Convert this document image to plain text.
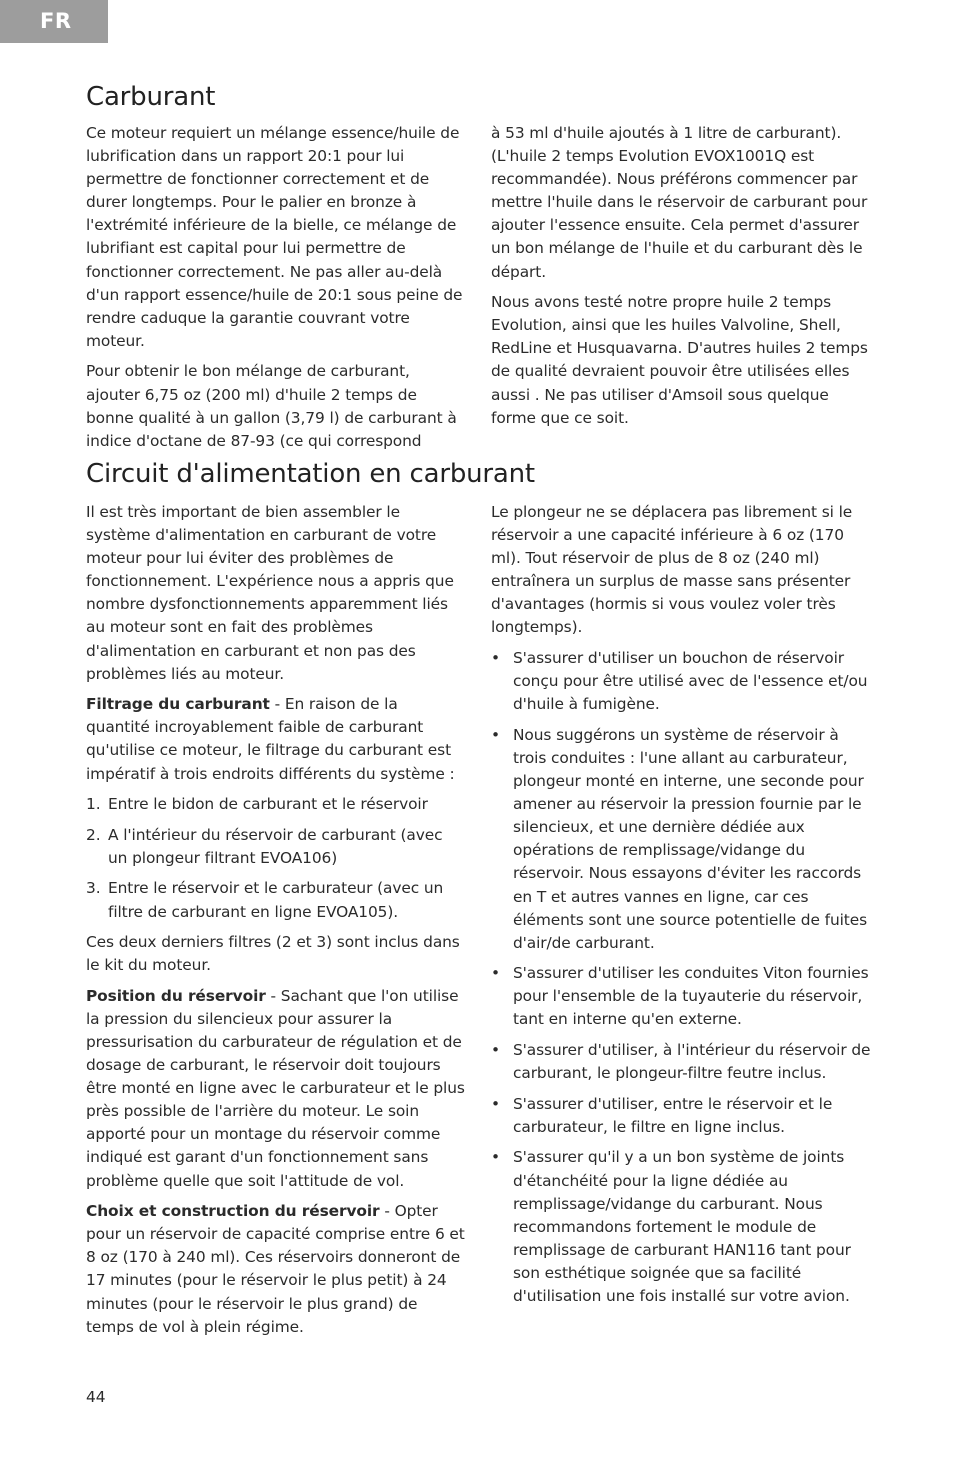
FR
Carburant

Ce moteur requiert un mélange essence/huile de lubrification dans un rapport 20:1 pour lui permettre de fonctionner correctement et de durer longtemps. Pour le palier en bronze à l'extrémité inférieure de la bielle, ce mélange de lubrifiant est capital pour lui permettre de fonctionner correctement. Ne pas aller au-delà d'un rapport essence/huile de 20:1 sous peine de rendre caduque la garantie couvrant votre moteur.

Pour obtenir le bon mélange de carburant, ajouter 6,75 oz (200 ml) d'huile 2 temps de bonne qualité à un gallon (3,79 l) de carburant à indice d'octane de 87-93 (ce qui correspond

à 53 ml d'huile ajoutés à 1 litre de carburant). (L'huile 2 temps Evolution EVOX1001Q est recommandée). Nous préférons commencer par mettre l'huile dans le réservoir de carburant pour ajouter l'essence ensuite. Cela permet d'assurer un bon mélange de l'huile et du carburant dès le départ.

Nous avons testé notre propre huile 2 temps Evolution, ainsi que les huiles Valvoline, Shell, RedLine et Husquavarna. D'autres huiles 2 temps de qualité devraient pouvoir être utilisées elles aussi . Ne pas utiliser d'Amsoil sous quelque forme que ce soit.

Circuit d'alimentation en carburant

Il est très important de bien assembler le système d'alimentation en carburant de votre moteur pour lui éviter des problèmes de fonctionnement. L'expérience nous a appris que nombre dysfonctionnements apparemment liés au moteur sont en fait des problèmes d'alimentation en carburant et non pas des problèmes liés au moteur.

Filtrage du carburant - En raison de la quantité incroyablement faible de carburant qu'utilise ce moteur, le filtrage du carburant est impératif à trois endroits différents du système :

1. Entre le bidon de carburant et le réservoir
2. A l'intérieur du réservoir de carburant (avec un plongeur filtrant EVOA106)
3. Entre le réservoir et le carburateur (avec un filtre de carburant en ligne EVOA105).

Ces deux derniers filtres (2 et 3) sont inclus dans le kit du moteur.

Position du réservoir - Sachant que l'on utilise la pression du silencieux pour assurer la pressurisation du carburateur de régulation et de dosage de carburant, le réservoir doit toujours être monté en ligne avec le carburateur et le plus près possible de l'arrière du moteur. Le soin apporté pour un montage du réservoir comme indiqué est garant d'un fonctionnement sans problème quelle que soit l'attitude de vol.

Choix et construction du réservoir - Opter pour un réservoir de capacité comprise entre 6 et 8 oz (170 à 240 ml). Ces réservoirs donneront de 17 minutes (pour le réservoir le plus petit) à 24 minutes (pour le réservoir le plus grand) de temps de vol à plein régime.

Le plongeur ne se déplacera pas librement si le réservoir a une capacité inférieure à 6 oz (170 ml). Tout réservoir de plus de 8 oz (240 ml) entraînera un surplus de masse sans présenter d'avantages (hormis si vous voulez voler très longtemps).

• S'assurer d'utiliser un bouchon de réservoir conçu pour être utilisé avec de l'essence et/ou d'huile à fumigène.
• Nous suggérons un système de réservoir à trois conduites : l'une allant au carburateur, plongeur monté en interne, une seconde pour amener au réservoir la pression fournie par le silencieux, et une dernière dédiée aux opérations de remplissage/vidange du réservoir. Nous essayons d'éviter les raccords en T et autres vannes en ligne, car ces éléments sont une source potentielle de fuites d'air/de carburant.
• S'assurer d'utiliser les conduites Viton fournies pour l'ensemble de la tuyauterie du réservoir, tant en interne qu'en externe.
• S'assurer d'utiliser, à l'intérieur du réservoir de carburant, le plongeur-filtre feutre inclus.
• S'assurer d'utiliser, entre le réservoir et le carburateur, le filtre en ligne inclus.
• S'assurer qu'il y a un bon système de joints d'étanchéité pour la ligne dédiée au remplissage/vidange du carburant. Nous recommandons fortement le module de remplissage de carburant HAN116 tant pour son esthétique soignée que sa facilité d'utilisation une fois installé sur votre avion.
44
